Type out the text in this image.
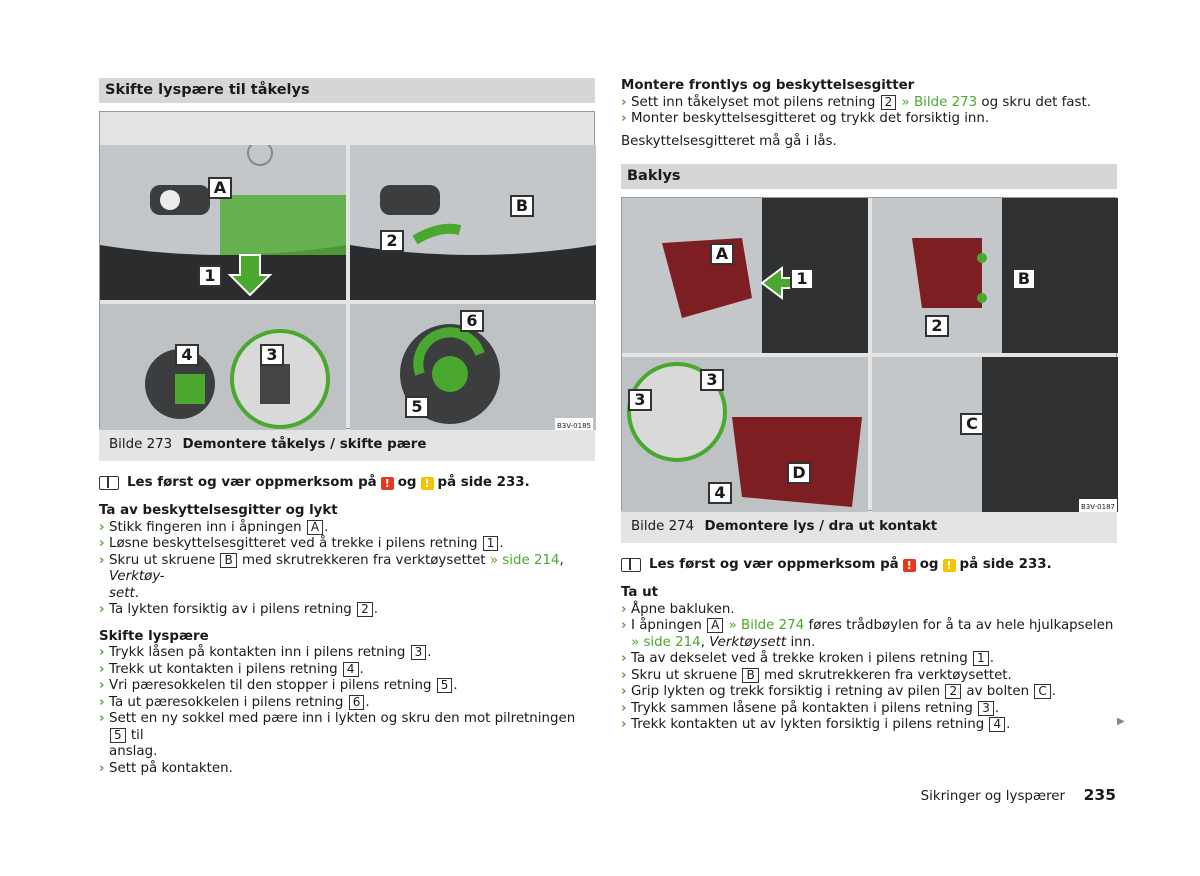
Skifte lyspære til tåkelys
A
1
B
2
4	3
6
5
B3V-0185
Bilde 273 Demontere tåkelys / skifte pære
Les først og vær oppmerksom på ! og ! på side 233.
Ta av beskyttelsesgitter og lykt
› Stikk fingeren inn i åpningen A .
› Løsne beskyttelsesgitteret ved å trekke i pilens retning 1 .
› Skru ut skruene B med skrutrekkeren fra verktøysettet » side 214, Verktøy-
sett.
› Ta lykten forsiktig av i pilens retning 2 .
Skifte lyspære
› Trykk låsen på kontakten inn i pilens retning 3 .
› Trekk ut kontakten i pilens retning 4 .
› Vri pæresokkelen til den stopper i pilens retning 5 .
› Ta ut pæresokkelen i pilens retning 6 .
› Sett en ny sokkel med pære inn i lykten og skru den mot pilretningen 5 til
anslag.
› Sett på kontakten.
Montere frontlys og beskyttelsesgitter
› Sett inn tåkelyset mot pilens retning 2 » Bilde 273 og skru det fast.
› Monter beskyttelsesgitteret og trykk det forsiktig inn.
Beskyttelsesgitteret må gå i lås.
Baklys
A
1	B
2
3
3
D
4
C
B3V-0187
Bilde 274 Demontere lys / dra ut kontakt
Les først og vær oppmerksom på ! og ! på side 233.
Ta ut
› Åpne bakluken.
› I åpningen A » Bilde 274 føres trådbøylen for å ta av hele hjulkapselen
» side 214, Verktøysett inn.
› Ta av dekselet ved å trekke kroken i pilens retning 1 .
› Skru ut skruene B med skrutrekkeren fra verktøysettet.
› Grip lykten og trekk forsiktig i retning av pilen 2 av bolten C .
› Trykk sammen låsene på kontakten i pilens retning 3 .
› Trekk kontakten ut av lykten forsiktig i pilens retning 4 .	▶
Sikringer og lyspærer 235
